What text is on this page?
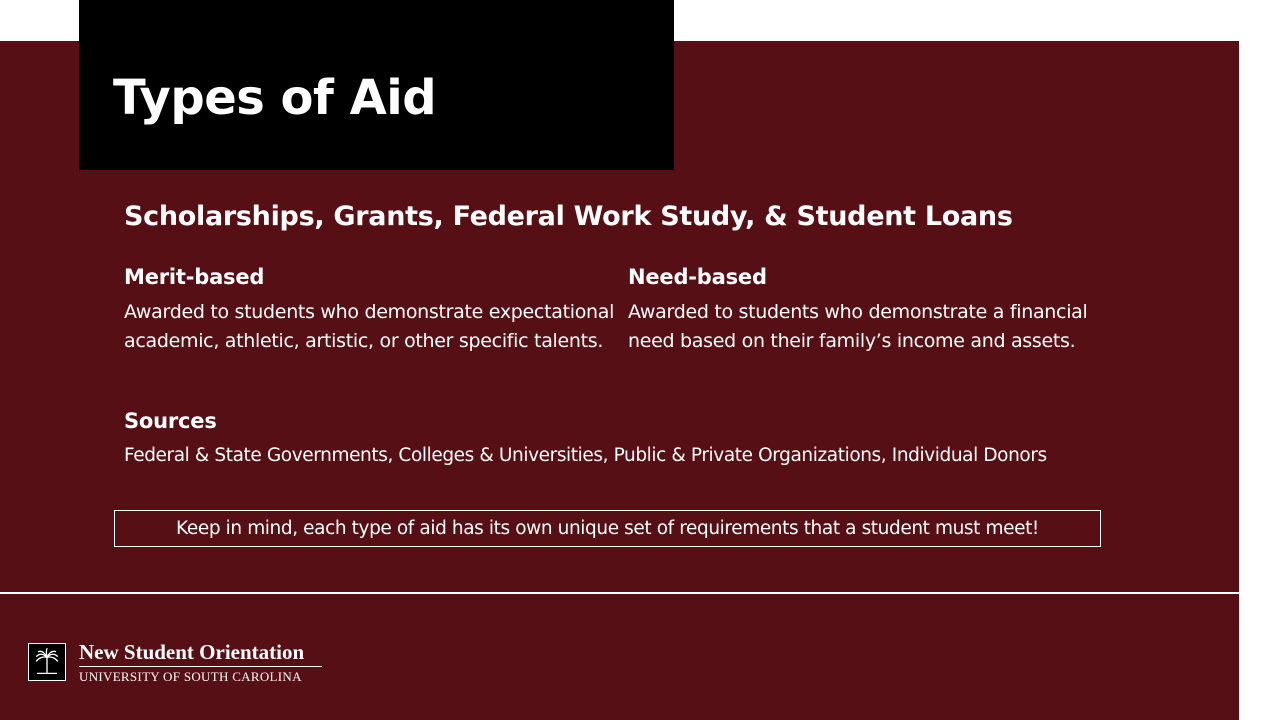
Types of Aid
Scholarships, Grants, Federal Work Study, & Student Loans
Merit-based

Awarded to students who demonstrate expectational academic, athletic, artistic, or other specific talents.

Need-based

Awarded to students who demonstrate a financial need based on their family’s income and assets.

Sources

Federal & State Governments, Colleges & Universities, Public & Private Organizations, Individual Donors

Keep in mind, each type of aid has its own unique set of requirements that a student must meet!

New Student Orientation

UNIVERSITY OF SOUTH CAROLINA
